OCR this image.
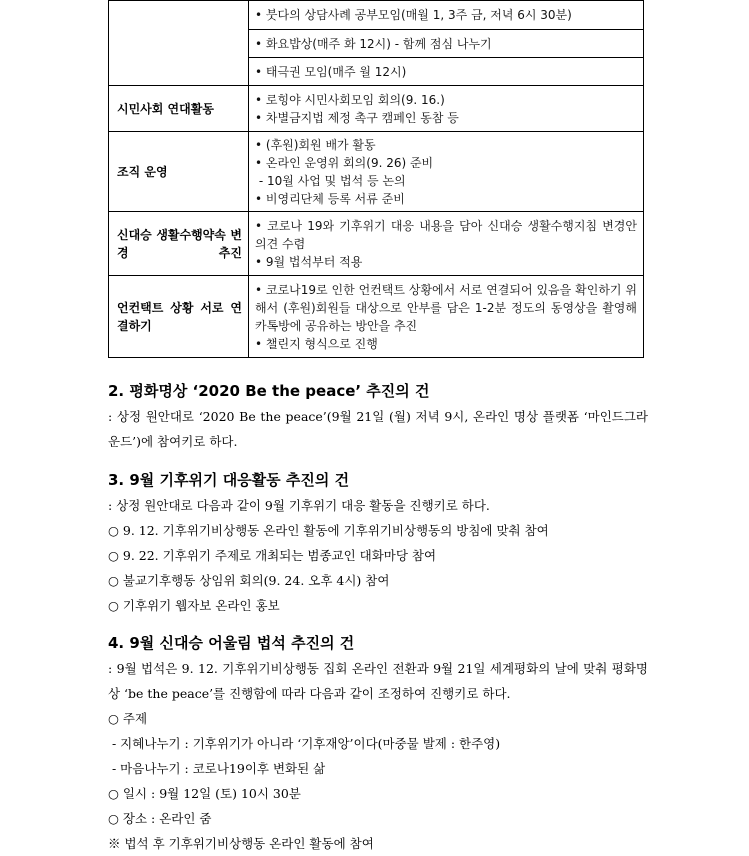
	• 붓다의 상담사례 공부모임(매월 1, 3주 금, 저녁 6시 30분)

	• 화요밥상(매주 화 12시) - 함께 점심 나누기

	• 태극권 모임(매주 월 12시)

시민사회 연대활동	• 로힝야 시민사회모임 회의(9. 16.)
• 차별금지법 제정 촉구 캠페인 동참 등

조직 운영	• (후원)회원 배가 활동
• 온라인 운영위 회의(9. 26) 준비
- 10월 사업 및 법석 등 논의
• 비영리단체 등록 서류 준비

신대승 생활수행약속 변경 추진	• 코로나 19와 기후위기 대응 내용을 담아 신대승 생활수행지침 변경안 의견 수렴
• 9월 법석부터 적용

언컨택트 상황 서로 연결하기	• 코로나19로 인한 언컨택트 상황에서 서로 연결되어 있음을 확인하기 위해서 (후원)회원들 대상으로 안부를 담은 1-2분 정도의 동영상을 촬영해 카톡방에 공유하는 방안을 추진
• 챌린지 형식으로 진행
2. 평화명상 ‘2020 Be the peace’ 추진의 건
: 상정 원안대로 ‘2020 Be the peace’(9월 21일 (월) 저녁 9시, 온라인 명상 플랫폼 ‘마인드그라운드’)에 참여키로 하다.
3. 9월 기후위기 대응활동 추진의 건
: 상정 원안대로 다음과 같이 9월 기후위기 대응 활동을 진행키로 하다.
○ 9. 12. 기후위기비상행동 온라인 활동에 기후위기비상행동의 방침에 맞춰 참여
○ 9. 22. 기후위기 주제로 개최되는 범종교인 대화마당 참여
○ 불교기후행동 상임위 회의(9. 24. 오후 4시) 참여
○ 기후위기 웹자보 온라인 홍보
4. 9월 신대승 어울림 법석 추진의 건
: 9월 법석은 9. 12. 기후위기비상행동 집회 온라인 전환과 9월 21일 세계평화의 날에 맞춰 평화명상 ‘be the peace’를 진행함에 따라 다음과 같이 조정하여 진행키로 하다.
○ 주제
- 지혜나누기 : 기후위기가 아니라 ‘기후재앙’이다(마중물 발제 : 한주영)
- 마음나누기 : 코로나19이후 변화된 삶
○ 일시 : 9월 12일 (토) 10시 30분
○ 장소 : 온라인 줌
※ 법석 후 기후위기비상행동 온라인 활동에 참여
